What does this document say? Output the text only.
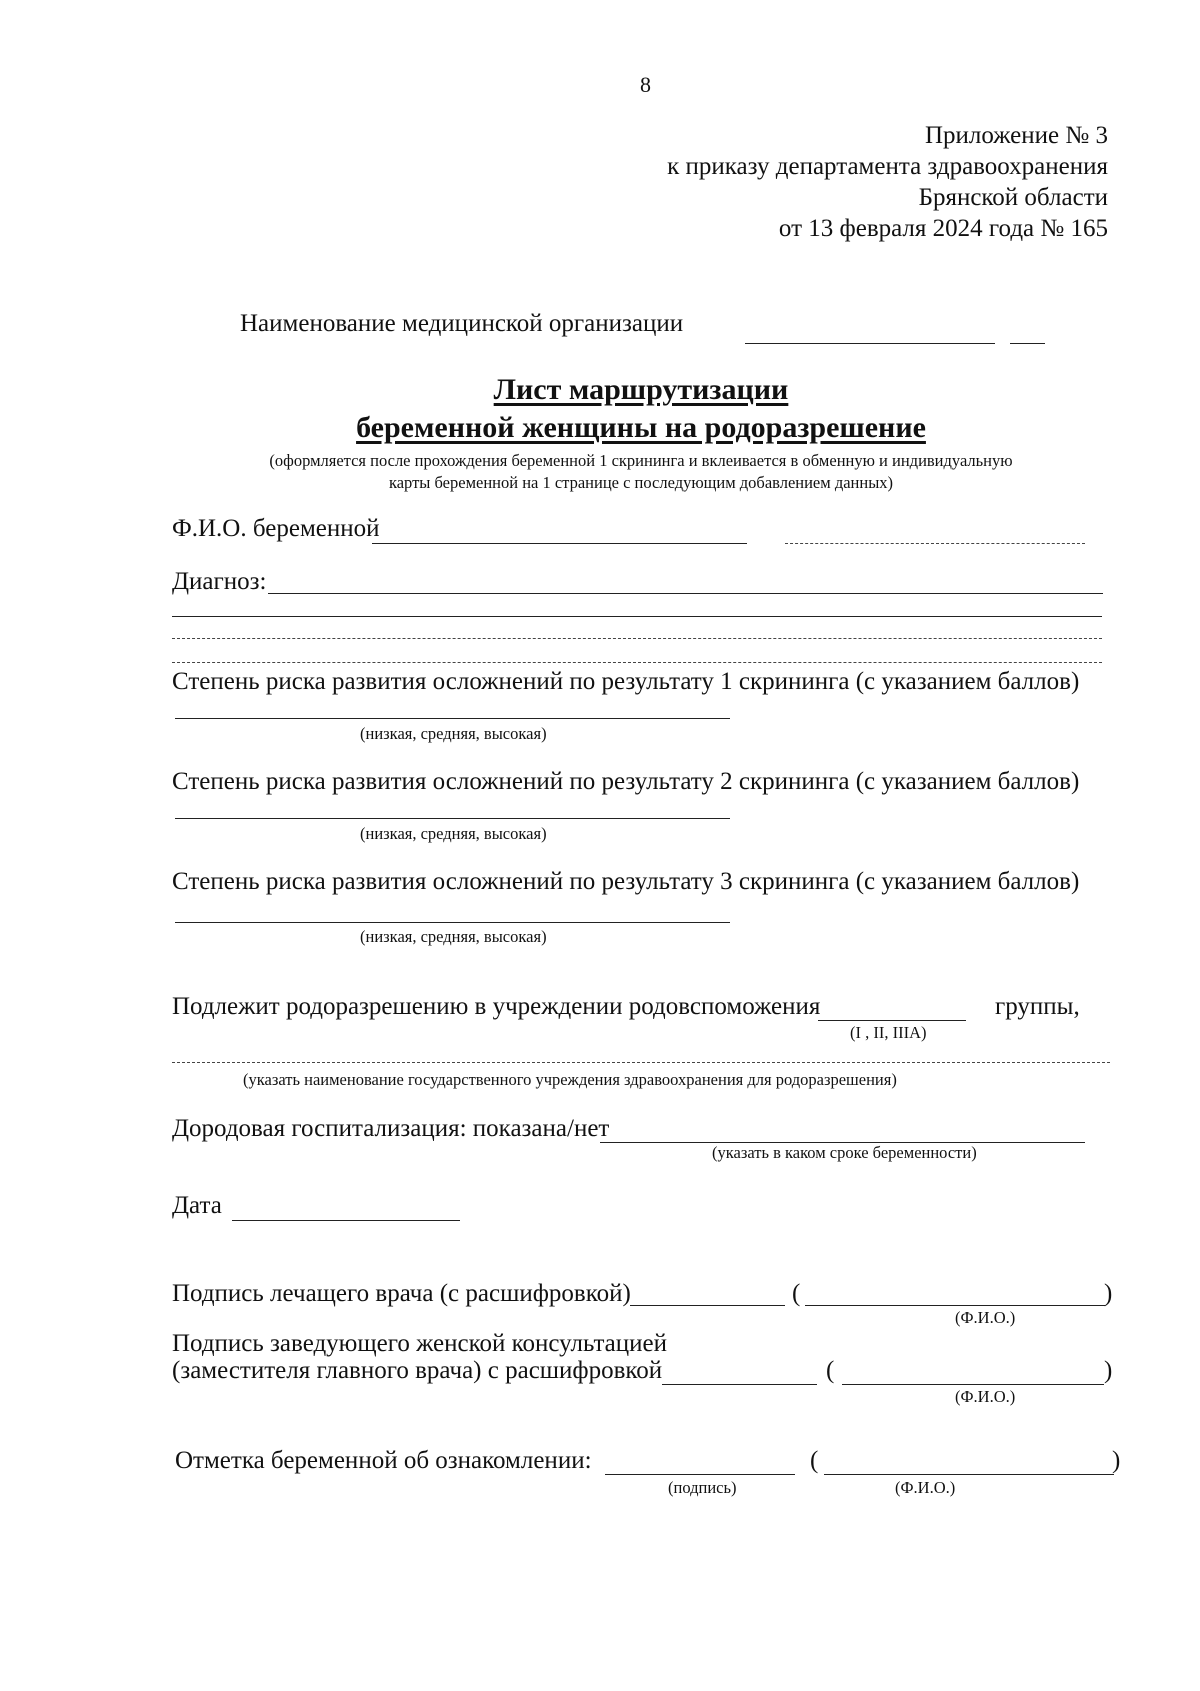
8
Приложение № 3
к приказу департамента здравоохранения
Брянской области
от 13 февраля 2024 года № 165
Наименование медицинской организации
Лист маршрутизации
беременной женщины на родоразрешение
(оформляется после прохождения беременной 1 скрининга и вклеивается в обменную и индивидуальную
карты беременной на 1 странице с последующим добавлением данных)
Ф.И.О. беременной
Диагноз:
Степень риска развития осложнений по результату 1 скрининга (с указанием баллов)
(низкая, средняя, высокая)
Степень риска развития осложнений по результату 2 скрининга (с указанием баллов)
(низкая, средняя, высокая)
Степень риска развития осложнений по результату 3 скрининга (с указанием баллов)
(низкая, средняя, высокая)
Подлежит родоразрешению в учреждении родовспоможения	группы,
(I , II, IIIA)
(указать наименование государственного учреждения здравоохранения для родоразрешения)
Дородовая госпитализация: показана/нет
(указать в каком сроке беременности)
Дата
Подпись лечащего врача (с расшифровкой)	(	)
(Ф.И.О.)
Подпись заведующего женской консультацией
(заместителя главного врача) с расшифровкой	(	)
(Ф.И.О.)
Отметка беременной об ознакомлении:	(	)
(подпись)	(Ф.И.О.)
